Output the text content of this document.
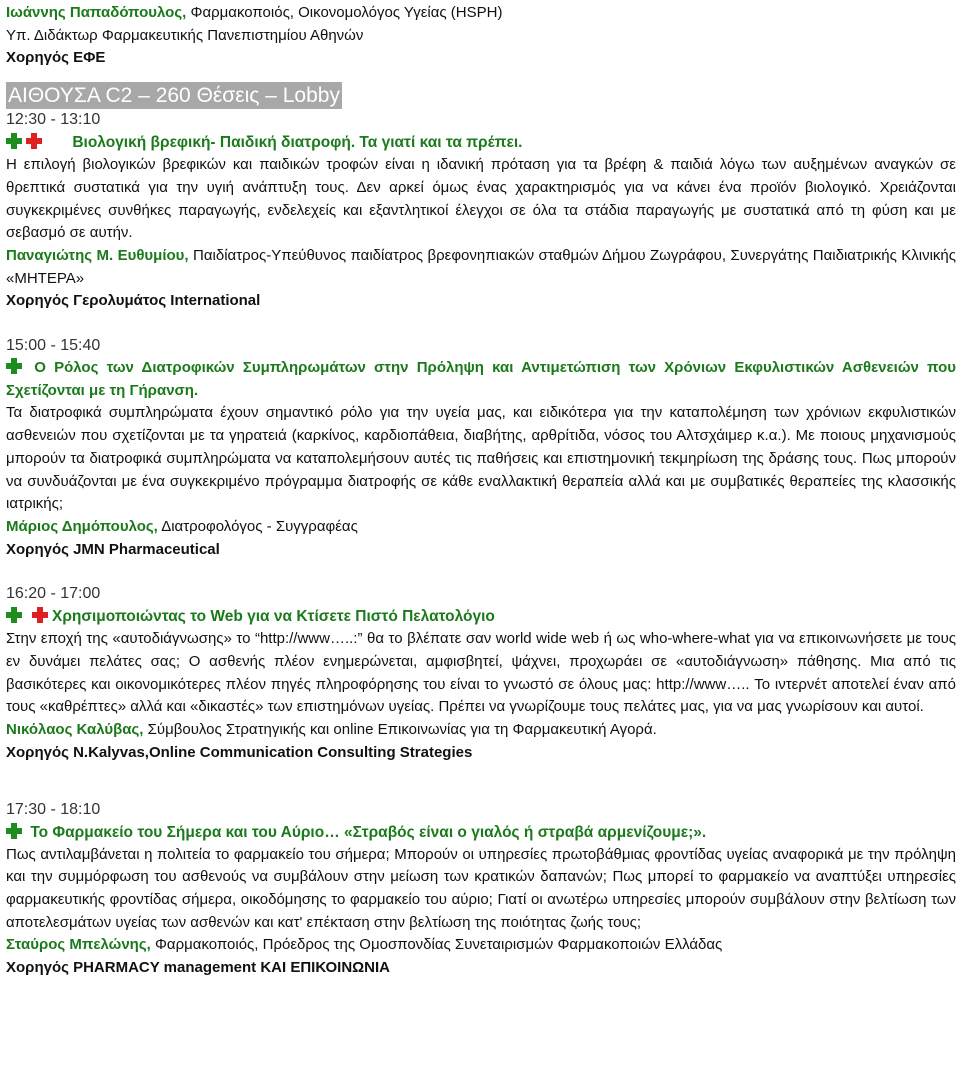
Ιωάννης Παπαδόπουλος, Φαρμακοποιός, Οικονομολόγος Υγείας (HSPH)
Υπ. Διδάκτωρ Φαρμακευτικής Πανεπιστημίου Αθηνών
Χορηγός ΕΦΕ
ΑΙΘΟΥΣΑ C2 – 260 Θέσεις – Lobby
12:30 - 13:10
Βιολογική βρεφική- Παιδική διατροφή. Τα γιατί και τα πρέπει.
Η επιλογή βιολογικών βρεφικών και παιδικών τροφών είναι η ιδανική πρόταση για τα βρέφη & παιδιά λόγω των αυξημένων αναγκών σε θρεπτικά συστατικά για την υγιή ανάπτυξη τους. Δεν αρκεί όμως ένας χαρακτηρισμός για να κάνει ένα προϊόν βιολογικό. Χρειάζονται συγκεκριμένες συνθήκες παραγωγής, ενδελεχείς και εξαντλητικοί έλεγχοι σε όλα τα στάδια παραγωγής με συστατικά από τη φύση και με σεβασμό σε αυτήν.
Παναγιώτης Μ. Ευθυμίου, Παιδίατρος-Υπεύθυνος παιδίατρος βρεφονηπιακών σταθμών Δήμου Ζωγράφου, Συνεργάτης Παιδιατρικής Κλινικής «ΜΗΤΕΡΑ»
Χορηγός Γερολυμάτος International
15:00 - 15:40
Ο Ρόλος των Διατροφικών Συμπληρωμάτων στην Πρόληψη και Αντιμετώπιση των Χρόνιων Εκφυλιστικών Ασθενειών που Σχετίζονται με τη Γήρανση.
Τα διατροφικά συμπληρώματα έχουν σημαντικό ρόλο για την υγεία μας, και ειδικότερα για την καταπολέμηση των χρόνιων εκφυλιστικών ασθενειών που σχετίζονται με τα γηρατειά (καρκίνος, καρδιοπάθεια, διαβήτης, αρθρίτιδα, νόσος του Αλτσχάιμερ κ.α.). Με ποιους μηχανισμούς μπορούν τα διατροφικά συμπληρώματα να καταπολεμήσουν αυτές τις παθήσεις και επιστημονική τεκμηρίωση της δράσης τους. Πως μπορούν να συνδυάζονται με ένα συγκεκριμένο πρόγραμμα διατροφής σε κάθε εναλλακτική θεραπεία αλλά και με συμβατικές θεραπείες της κλασσικής ιατρικής;
Μάριος Δημόπουλος, Διατροφολόγος - Συγγραφέας
Χορηγός JMN Pharmaceutical
16:20 - 17:00
Χρησιμοποιώντας το Web για να Κτίσετε Πιστό Πελατολόγιο
Στην εποχή της «αυτοδιάγνωσης» το “http://www…..:” θα το βλέπατε σαν world wide web ή ως who-where-what για να επικοινωνήσετε με τους εν δυνάμει πελάτες σας; Ο ασθενής πλέον ενημερώνεται, αμφισβητεί, ψάχνει, προχωράει σε «αυτοδιάγνωση» πάθησης. Μια από τις βασικότερες και οικονομικότερες πλέον πηγές πληροφόρησης του είναι το γνωστό σε όλους μας: http://www….. Το ιντερνέτ αποτελεί έναν από τους «καθρέπτες» αλλά και «δικαστές» των επιστημόνων υγείας. Πρέπει να γνωρίζουμε τους πελάτες μας, για να μας γνωρίσουν και αυτοί.
Νικόλαος Καλύβας, Σύμβουλος Στρατηγικής και online Επικοινωνίας για τη Φαρμακευτική Αγορά.
Χορηγός N.Kalyvas,Online Communication Consulting Strategies
17:30 - 18:10
Το Φαρμακείο του Σήμερα και του Αύριο… «Στραβός είναι ο γιαλός ή στραβά αρμενίζουμε;».
Πως αντιλαμβάνεται η πολιτεία το φαρμακείο του σήμερα; Μπορούν οι υπηρεσίες πρωτοβάθμιας φροντίδας υγείας αναφορικά με την πρόληψη και την συμμόρφωση του ασθενούς να συμβάλουν στην μείωση των κρατικών δαπανών; Πως μπορεί το φαρμακείο να αναπτύξει υπηρεσίες φαρμακευτικής φροντίδας σήμερα, οικοδόμησης το φαρμακείο του αύριο; Γιατί οι ανωτέρω υπηρεσίες μπορούν συμβάλουν στην βελτίωση των αποτελεσμάτων υγείας των ασθενών και κατ' επέκταση στην βελτίωση της ποιότητας ζωής τους;
Σταύρος Μπελώνης, Φαρμακοποιός, Πρόεδρος της Ομοσπονδίας Συνεταιρισμών Φαρμακοποιών Ελλάδας
Χορηγός PHARMACY management ΚΑΙ ΕΠΙΚΟΙΝΩΝΙΑ
